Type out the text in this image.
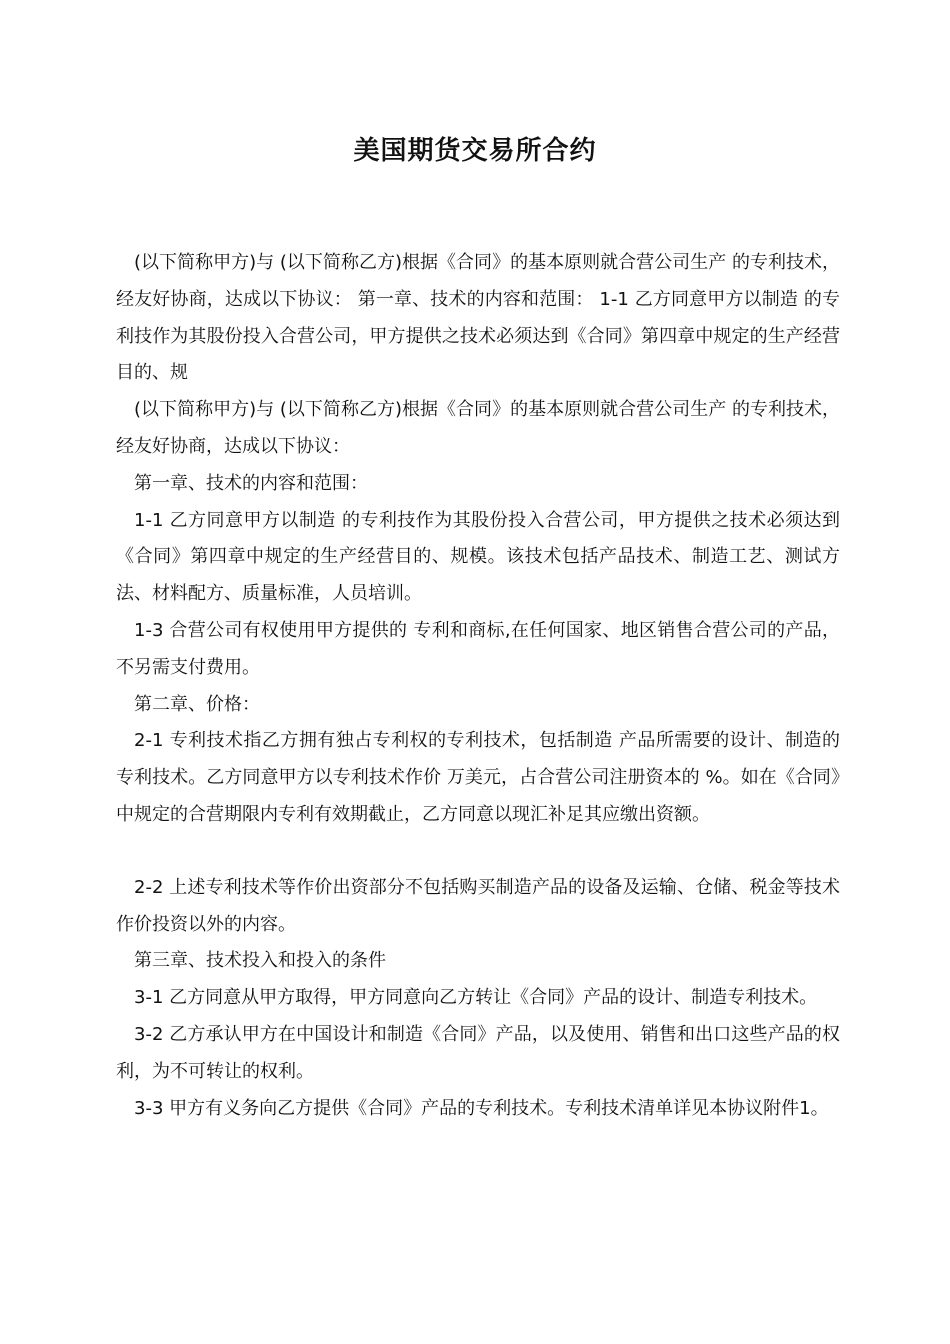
美国期货交易所合约

(以下简称甲方)与 (以下简称乙方)根据《合同》的基本原则就合营公司生产 的专利技术，经友好协商，达成以下协议： 第一章、技术的内容和范围： 1-1 乙方同意甲方以制造 的专利技作为其股份投入合营公司，甲方提供之技术必须达到《合同》第四章中规定的生产经营目的、规

(以下简称甲方)与 (以下简称乙方)根据《合同》的基本原则就合营公司生产 的专利技术，经友好协商，达成以下协议：

第一章、技术的内容和范围：

1-1 乙方同意甲方以制造 的专利技作为其股份投入合营公司，甲方提供之技术必须达到《合同》第四章中规定的生产经营目的、规模。该技术包括产品技术、制造工艺、测试方法、材料配方、质量标准，人员培训。

1-3 合营公司有权使用甲方提供的 专利和商标,在任何国家、地区销售合营公司的产品，不另需支付费用。

第二章、价格：

2-1 专利技术指乙方拥有独占专利权的专利技术，包括制造 产品所需要的设计、制造的专利技术。乙方同意甲方以专利技术作价 万美元，占合营公司注册资本的 %。如在《合同》中规定的合营期限内专利有效期截止，乙方同意以现汇补足其应缴出资额。

2-2 上述专利技术等作价出资部分不包括购买制造产品的设备及运输、仓储、税金等技术作价投资以外的内容。

第三章、技术投入和投入的条件

3-1 乙方同意从甲方取得，甲方同意向乙方转让《合同》产品的设计、制造专利技术。

3-2 乙方承认甲方在中国设计和制造《合同》产品，以及使用、销售和出口这些产品的权利，为不可转让的权利。

3-3 甲方有义务向乙方提供《合同》产品的专利技术。专利技术清单详见本协议附件1。
